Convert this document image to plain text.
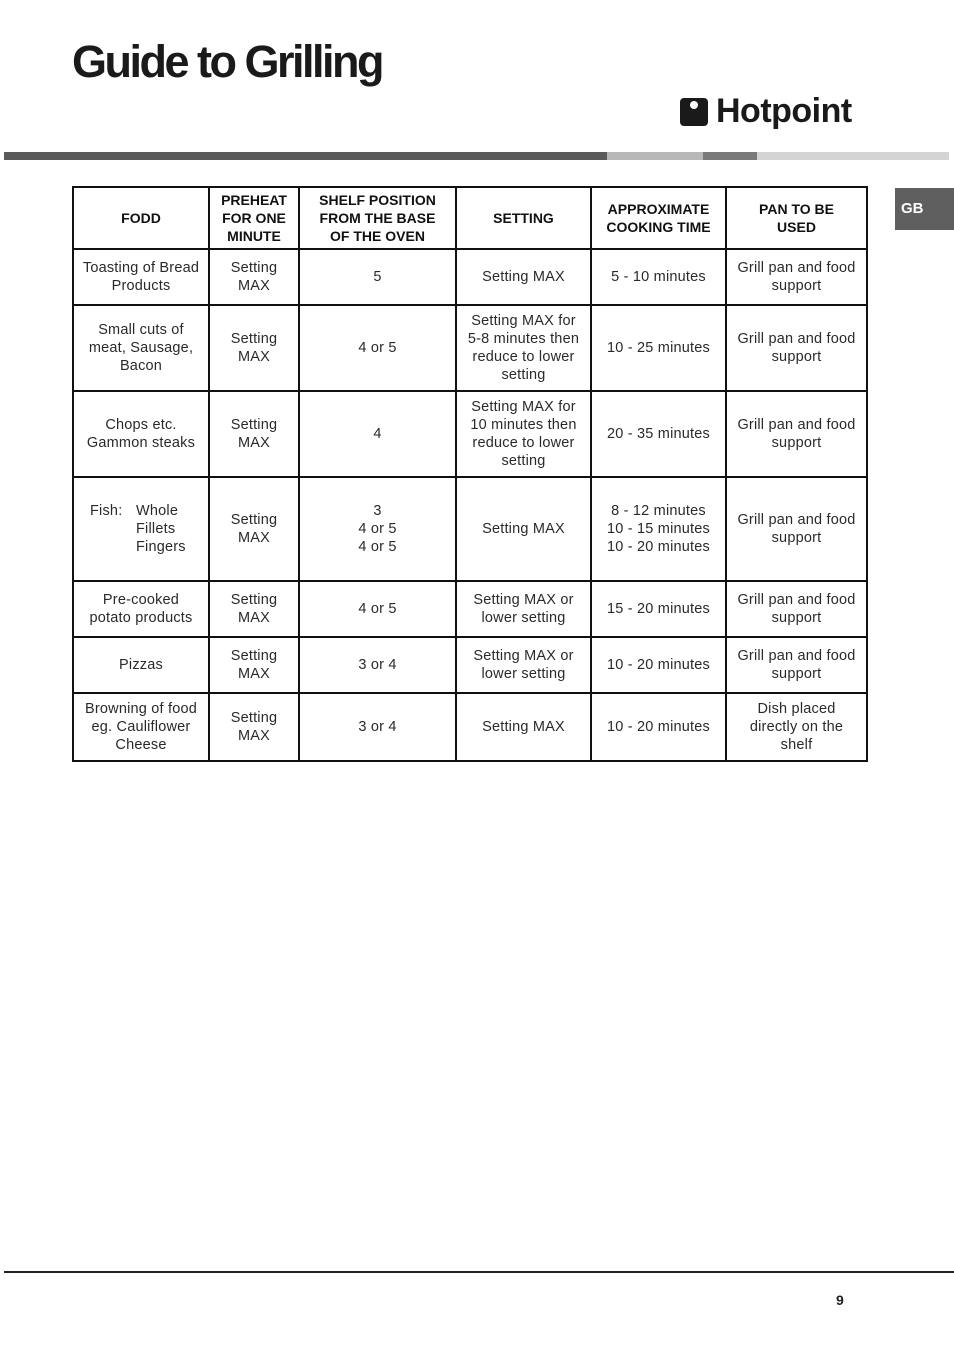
Guide to Grilling
Hotpoint
GB
FODD	PREHEAT
FOR ONE
MINUTE	SHELF POSITION
FROM THE BASE
OF THE OVEN	SETTING	APPROXIMATE
COOKING TIME	PAN TO BE
USED
Toasting of Bread
Products	Setting
MAX	5	Setting MAX	5 - 10 minutes	Grill pan and food
support
Small cuts of
meat, Sausage,
Bacon	Setting
MAX	4 or 5	Setting MAX for
5-8 minutes then
reduce to lower
setting	10 - 25 minutes	Grill pan and food
support
Chops etc.
Gammon steaks	Setting
MAX	4	Setting MAX for
10 minutes then
reduce to lower
setting	20 - 35 minutes	Grill pan and food
support

Fish: Whole
Fillets
Fingers	Setting
MAX	3
4 or 5
4 or 5	Setting MAX	8 - 12 minutes
10 - 15 minutes
10 - 20 minutes	Grill pan and food
support
Pre-cooked
potato products	Setting
MAX	4 or 5	Setting MAX or
lower setting	15 - 20 minutes	Grill pan and food
support
Pizzas	Setting
MAX	3 or 4	Setting MAX or
lower setting	10 - 20 minutes	Grill pan and food
support
Browning of food
eg. Cauliflower
Cheese	Setting
MAX	3 or 4	Setting MAX	10 - 20 minutes	Dish placed
directly on the
shelf
9
